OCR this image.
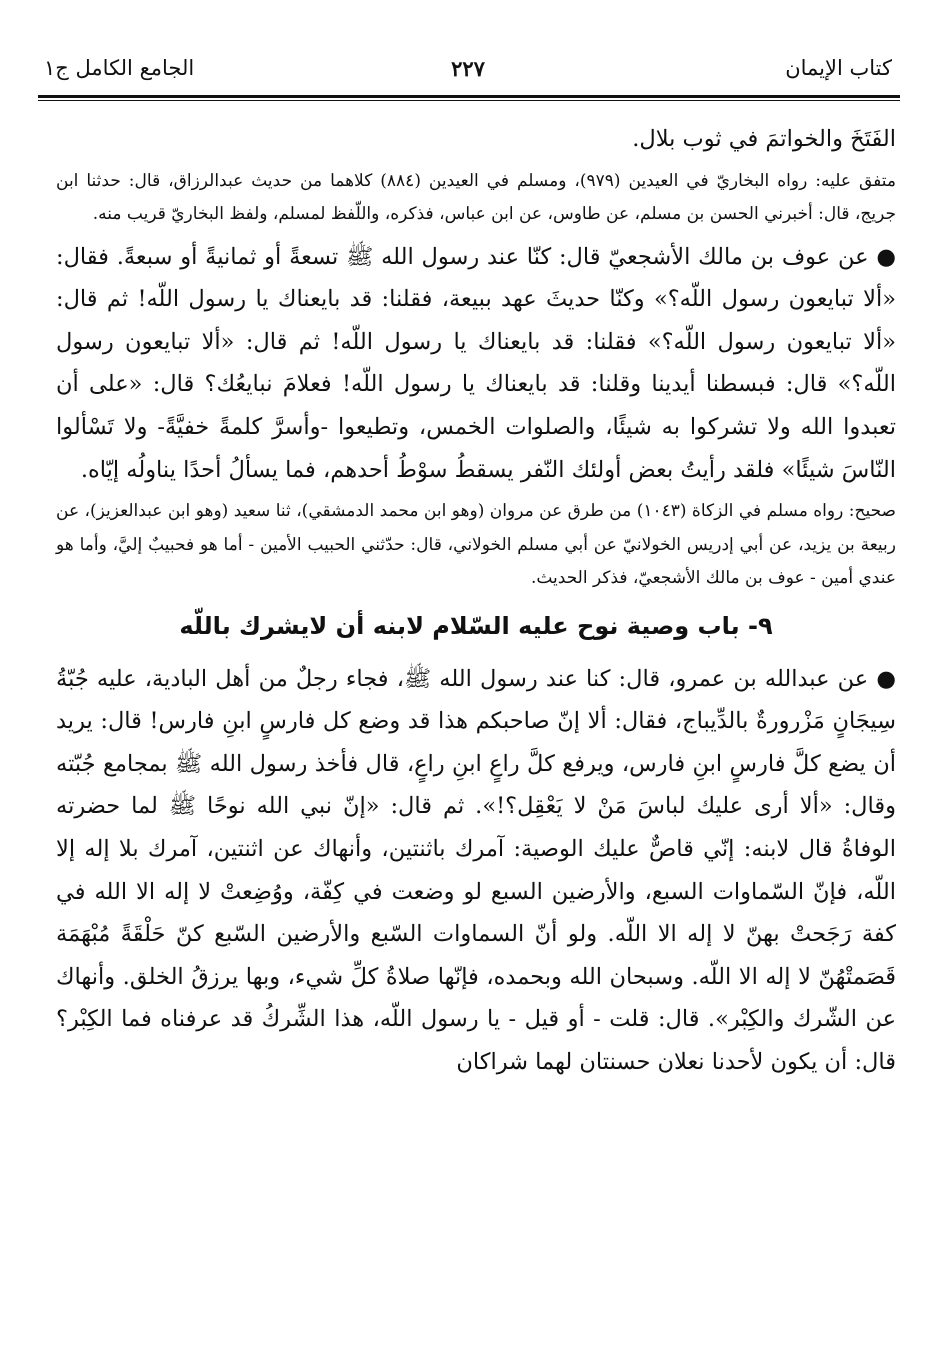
كتاب الإيمان
٢٢٧
الجامع الكامل ج١

الفَتَخَ والخواتمَ في ثوب بلال.

متفق عليه: رواه البخاريّ في العيدين (٩٧٩)، ومسلم في العيدين (٨٨٤) كلاهما من حديث عبدالرزاق، قال: حدثنا ابن جريج، قال: أخبرني الحسن بن مسلم، عن طاوس، عن ابن عباس، فذكره، واللّفظ لمسلم، ولفظ البخاريّ قريب منه.

● عن عوف بن مالك الأشجعيّ قال: كنّا عند رسول الله ﷺ تسعةً أو ثمانيةً أو سبعةً. فقال: «ألا تبايعون رسول اللّه؟» وكنّا حديثَ عهد ببيعة، فقلنا: قد بايعناك يا رسول اللّه! ثم قال: «ألا تبايعون رسول اللّه؟» فقلنا: قد بايعناك يا رسول اللّه! ثم قال: «ألا تبايعون رسول اللّه؟» قال: فبسطنا أيدينا وقلنا: قد بايعناك يا رسول اللّه! فعلامَ نبايعُك؟ قال: «على أن تعبدوا الله ولا تشركوا به شيئًا، والصلوات الخمس، وتطيعوا -وأسرَّ كلمةً خفيَّةً- ولا تَسْألوا النّاسَ شيئًا» فلقد رأيتُ بعض أولئك النّفر يسقطُ سوْطُ أحدهم، فما يسألُ أحدًا يناولُه إيّاه.

صحيح: رواه مسلم في الزكاة (١٠٤٣) من طرق عن مروان (وهو ابن محمد الدمشقي)، ثنا سعيد (وهو ابن عبدالعزيز)، عن ربيعة بن يزيد، عن أبي إدريس الخولانيّ عن أبي مسلم الخولاني، قال: حدّثني الحبيب الأمين - أما هو فحبيبٌ إليَّ، وأما هو عندي أمين - عوف بن مالك الأشجعيّ، فذكر الحديث.

٩- باب وصية نوح عليه السّلام لابنه أن لايشرك باللّه

● عن عبدالله بن عمرو، قال: كنا عند رسول الله ﷺ، فجاء رجلٌ من أهل البادية، عليه جُبّةُ سِيجَانٍ مَزْرورةٌ بالدِّيباج، فقال: ألا إنّ صاحبكم هذا قد وضع كل فارسٍ ابنِ فارس! قال: يريد أن يضع كلَّ فارسٍ ابنِ فارس، ويرفع كلَّ راعٍ ابنِ راعٍ، قال فأخذ رسول الله ﷺ بمجامع جُبّته وقال: «ألا أرى عليك لباسَ مَنْ لا يَعْقِل؟!». ثم قال: «إنّ نبي الله نوحًا ﷺ لما حضرته الوفاةُ قال لابنه: إنّي قاصٌّ عليك الوصية: آمرك باثنتين، وأنهاك عن اثنتين، آمرك بلا إله إلا اللّه، فإنّ السّماوات السبع، والأرضين السبع لو وضعت في كِفّة، ووُضِعتْ لا إله الا الله في كفة رَجَحتْ بهنّ لا إله الا اللّه. ولو أنّ السماوات السّبع والأرضين السّبع كنّ حَلْقَةً مُبْهَمَة قَصَمتْهُنّ لا إله الا اللّه. وسبحان الله وبحمده، فإنّها صلاةُ كلِّ شيء، وبها يرزقُ الخلق. وأنهاك عن الشّرك والكِبْر». قال: قلت - أو قيل - يا رسول اللّه، هذا الشِّركُ قد عرفناه فما الكِبْر؟ قال: أن يكون لأحدنا نعلان حسنتان لهما شراكان
